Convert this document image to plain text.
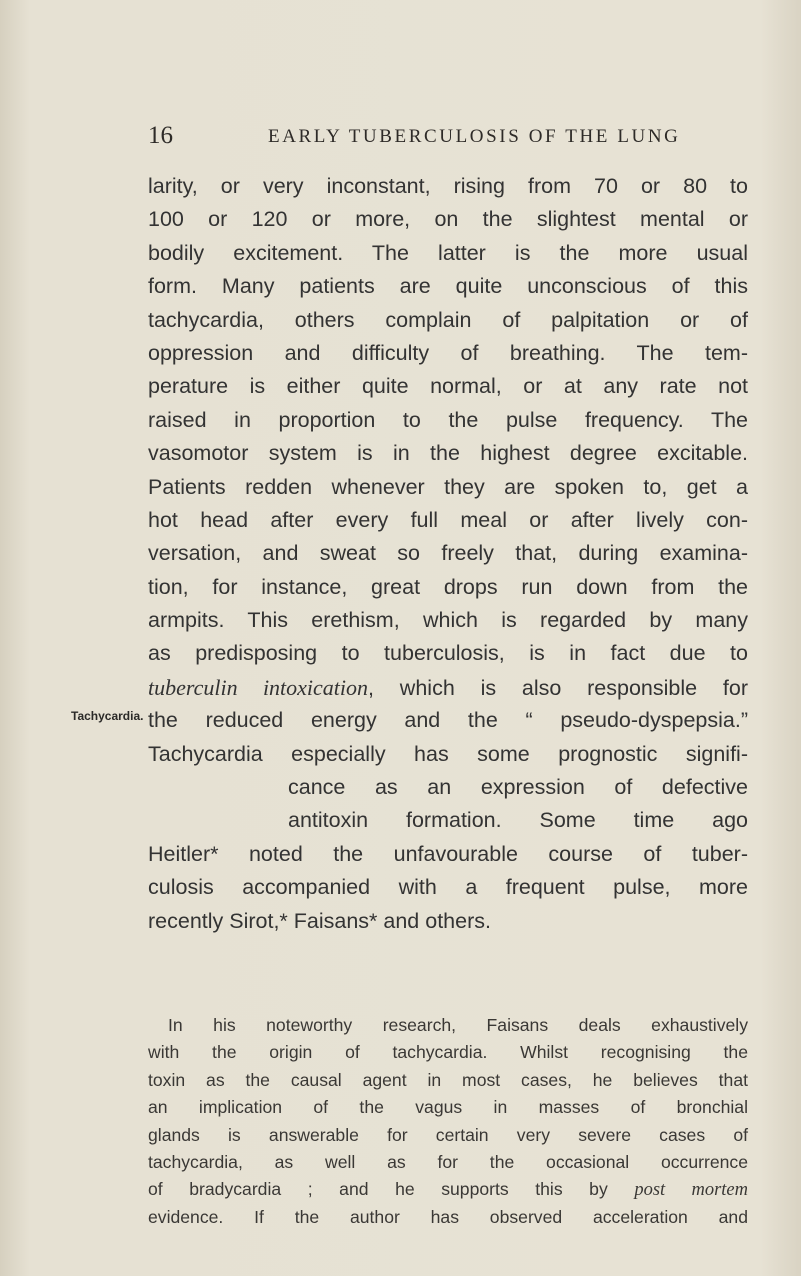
16	EARLY TUBERCULOSIS OF THE LUNG
larity, or very inconstant, rising from 70 or 80 to
100 or 120 or more, on the slightest mental or
bodily excitement. The latter is the more usual
form. Many patients are quite unconscious of this
tachycardia, others complain of palpitation or of
oppression and difficulty of breathing. The tem-
perature is either quite normal, or at any rate not
raised in proportion to the pulse frequency. The
vasomotor system is in the highest degree excitable.
Patients redden whenever they are spoken to, get a
hot head after every full meal or after lively con-
versation, and sweat so freely that, during examina-
tion, for instance, great drops run down from the
armpits. This erethism, which is regarded by many
as predisposing to tuberculosis, is in fact due to
tuberculin intoxication, which is also responsible for
the reduced energy and the “ pseudo-dyspepsia.”
Tachycardia especially has some prognostic signifi-
cance as an expression of defective
antitoxin formation. Some time ago
Heitler* noted the unfavourable course of tuber-
culosis accompanied with a frequent pulse, more
recently Sirot,* Faisans* and others.
Tachycardia.
In his noteworthy research, Faisans deals exhaustively
with the origin of tachycardia. Whilst recognising the
toxin as the causal agent in most cases, he believes that
an implication of the vagus in masses of bronchial
glands is answerable for certain very severe cases of
tachycardia, as well as for the occasional occurrence
of bradycardia ; and he supports this by post mortem
evidence. If the author has observed acceleration and
